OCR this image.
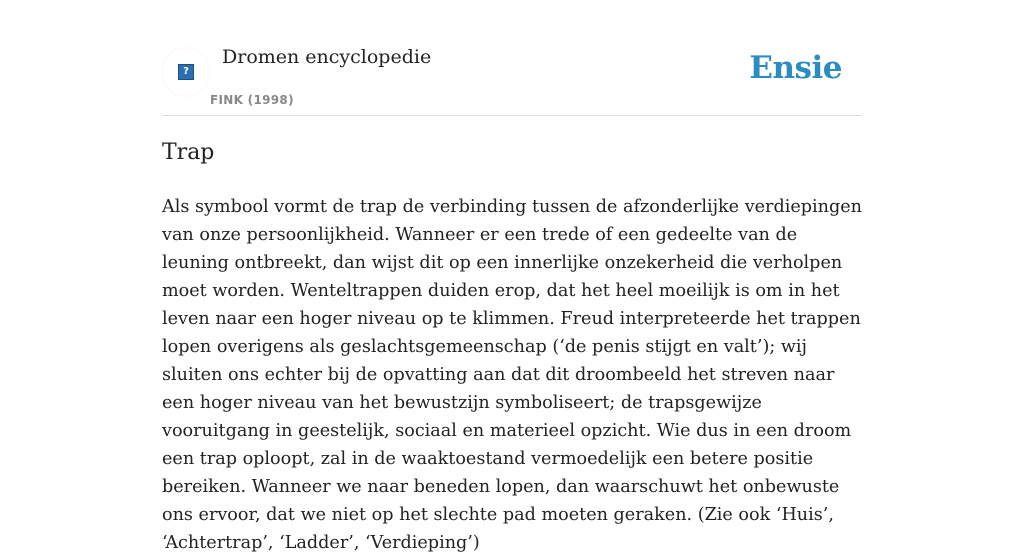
?
Dromen encyclopedie
FINK (1998)
Ensie
Trap

Als symbool vormt de trap de verbinding tussen de afzonderlijke verdiepingen van onze persoonlijkheid. Wanneer er een trede of een gedeelte van de leuning ontbreekt, dan wijst dit op een innerlijke onzekerheid die verholpen moet worden. Wenteltrappen duiden erop, dat het heel moeilijk is om in het leven naar een hoger niveau op te klimmen. Freud interpreteerde het trappen lopen overigens als geslachtsgemeenschap (‘de penis stijgt en valt’); wij sluiten ons echter bij de opvatting aan dat dit droombeeld het streven naar een hoger niveau van het bewustzijn symboliseert; de trapsgewijze vooruitgang in geestelijk, sociaal en materieel opzicht. Wie dus in een droom een trap oploopt, zal in de waaktoestand vermoedelijk een betere positie bereiken. Wanneer we naar beneden lopen, dan waarschuwt het onbewuste ons ervoor, dat we niet op het slechte pad moeten geraken. (Zie ook ‘Huis’, ‘Achtertrap’, ‘Ladder’, ‘Verdieping’)
